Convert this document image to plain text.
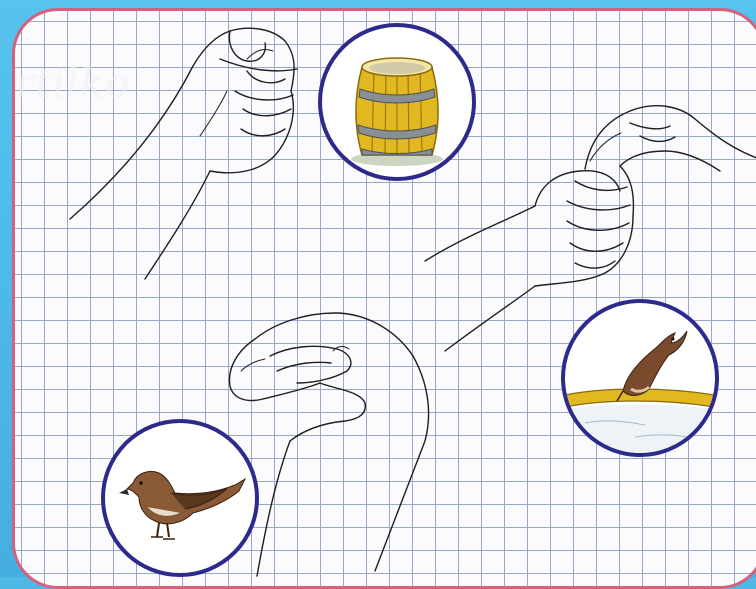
rtilko
